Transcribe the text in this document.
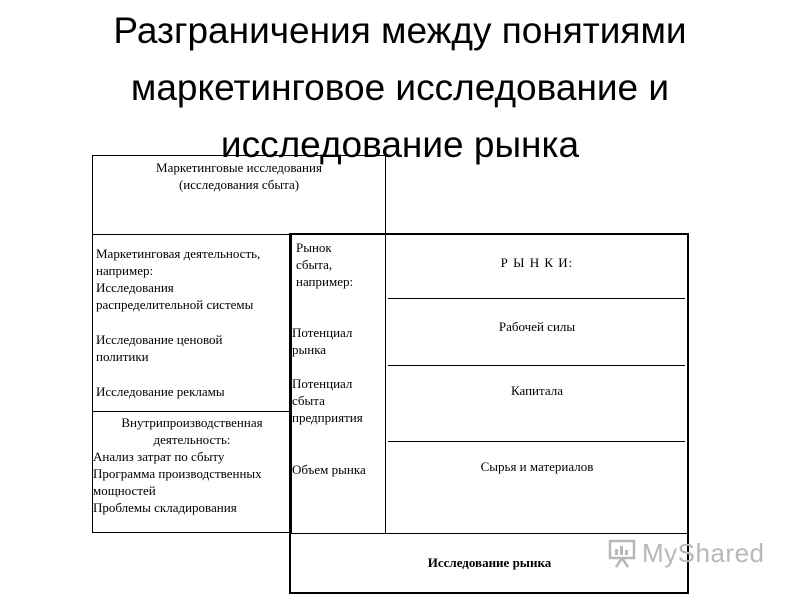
Разграничения между понятиями
маркетинговое исследование и
исследование рынка
Маркетинговые исследования
(исследования сбыта)
Маркетинговая деятельность,
например:
Исследования
распределительной системы
Исследование ценовой
политики
Исследование рекламы
Внутрипроизводственная
деятельность:
Анализ затрат по сбыту
Программа производственных
мощностей
Проблемы складирования
Рынок
сбыта,
например:
Потенциал
рынка
Потенциал
сбыта
предприятия
Объем рынка
Р Ы Н К И:
Рабочей силы
Капитала
Сырья и материалов
Исследование рынка	MyShared
